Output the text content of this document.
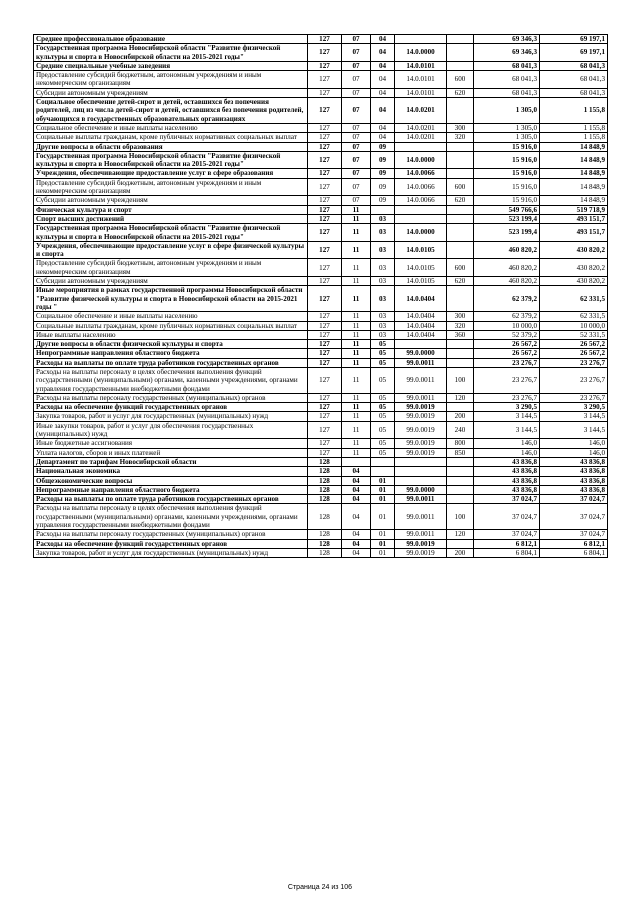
Среднее профессиональное образование	127	07	04			69 346,3	69 197,1
Государственная программа Новосибирской области "Развитие физической культуры и спорта в Новосибирской области на 2015-2021 годы"	127	07	04	14.0.0000		69 346,3	69 197,1
Средние специальные учебные заведения	127	07	04	14.0.0101		68 041,3	68 041,3
Предоставление субсидий бюджетным, автономным учреждениям и иным некоммерческим организациям	127	07	04	14.0.0101	600	68 041,3	68 041,3
Субсидии автономным учреждениям	127	07	04	14.0.0101	620	68 041,3	68 041,3
Социальное обеспечение детей-сирот и детей, оставшихся без попечения родителей, лиц из числа детей-сирот и детей, оставшихся без попечения родителей, обучающихся в государственных образовательных организациях	127	07	04	14.0.0201		1 305,0	1 155,8
Социальное обеспечение и иные выплаты населению	127	07	04	14.0.0201	300	1 305,0	1 155,8
Социальные выплаты гражданам, кроме публичных нормативных социальных выплат	127	07	04	14.0.0201	320	1 305,0	1 155,8
Другие вопросы в области образования	127	07	09			15 916,0	14 848,9
Государственная программа Новосибирской области "Развитие физической культуры и спорта в Новосибирской области на 2015-2021 годы"	127	07	09	14.0.0000		15 916,0	14 848,9
Учреждения, обеспечивающие предоставление услуг в сфере образования	127	07	09	14.0.0066		15 916,0	14 848,9
Предоставление субсидий бюджетным, автономным учреждениям и иным некоммерческим организациям	127	07	09	14.0.0066	600	15 916,0	14 848,9
Субсидии автономным учреждениям	127	07	09	14.0.0066	620	15 916,0	14 848,9
Физическая культура и спорт	127	11				549 766,6	519 718,9
Спорт высших достижений	127	11	03			523 199,4	493 151,7
Государственная программа Новосибирской области "Развитие физической культуры и спорта в Новосибирской области на 2015-2021 годы"	127	11	03	14.0.0000		523 199,4	493 151,7
Учреждения, обеспечивающие предоставление услуг в сфере физической культуры и спорта	127	11	03	14.0.0105		460 820,2	430 820,2
Предоставление субсидий бюджетным, автономным учреждениям и иным некоммерческим организациям	127	11	03	14.0.0105	600	460 820,2	430 820,2
Субсидии автономным учреждениям	127	11	03	14.0.0105	620	460 820,2	430 820,2
Иные мероприятия в рамках государственной программы Новосибирской области "Развитие физической культуры и спорта в Новосибирской области на 2015-2021 годы "	127	11	03	14.0.0404		62 379,2	62 331,5
Социальное обеспечение и иные выплаты населению	127	11	03	14.0.0404	300	62 379,2	62 331,5
Социальные выплаты гражданам, кроме публичных нормативных социальных выплат	127	11	03	14.0.0404	320	10 000,0	10 000,0
Иные выплаты населению	127	11	03	14.0.0404	360	52 379,2	52 331,5
Другие вопросы в области физической культуры и спорта	127	11	05			26 567,2	26 567,2
Непрограммные направления областного бюджета	127	11	05	99.0.0000		26 567,2	26 567,2
Расходы на выплаты по оплате труда работников государственных органов	127	11	05	99.0.0011		23 276,7	23 276,7
Расходы на выплаты персоналу в целях обеспечения выполнения функций государственными (муниципальными) органами, казенными учреждениями, органами управления государственными внебюджетными фондами	127	11	05	99.0.0011	100	23 276,7	23 276,7
Расходы на выплаты персоналу государственных (муниципальных) органов	127	11	05	99.0.0011	120	23 276,7	23 276,7
Расходы на обеспечение функций государственных органов	127	11	05	99.0.0019		3 290,5	3 290,5
Закупка товаров, работ и услуг для государственных (муниципальных) нужд	127	11	05	99.0.0019	200	3 144,5	3 144,5
Иные закупки товаров, работ и услуг для обеспечения государственных (муниципальных) нужд	127	11	05	99.0.0019	240	3 144,5	3 144,5
Иные бюджетные ассигнования	127	11	05	99.0.0019	800	146,0	146,0
Уплата налогов, сборов и иных платежей	127	11	05	99.0.0019	850	146,0	146,0
Департамент по тарифам Новосибирской области	128					43 836,8	43 836,8
Национальная экономика	128	04				43 836,8	43 836,8
Общеэкономические вопросы	128	04	01			43 836,8	43 836,8
Непрограммные направления областного бюджета	128	04	01	99.0.0000		43 836,8	43 836,8
Расходы на выплаты по оплате труда работников государственных органов	128	04	01	99.0.0011		37 024,7	37 024,7
Расходы на выплаты персоналу в целях обеспечения выполнения функций государственными (муниципальными) органами, казенными учреждениями, органами управления государственными внебюджетными фондами	128	04	01	99.0.0011	100	37 024,7	37 024,7
Расходы на выплаты персоналу государственных (муниципальных) органов	128	04	01	99.0.0011	120	37 024,7	37 024,7
Расходы на обеспечение функций государственных органов	128	04	01	99.0.0019		6 812,1	6 812,1
Закупка товаров, работ и услуг для государственных (муниципальных) нужд	128	04	01	99.0.0019	200	6 804,1	6 804,1
Страница 24 из 106
